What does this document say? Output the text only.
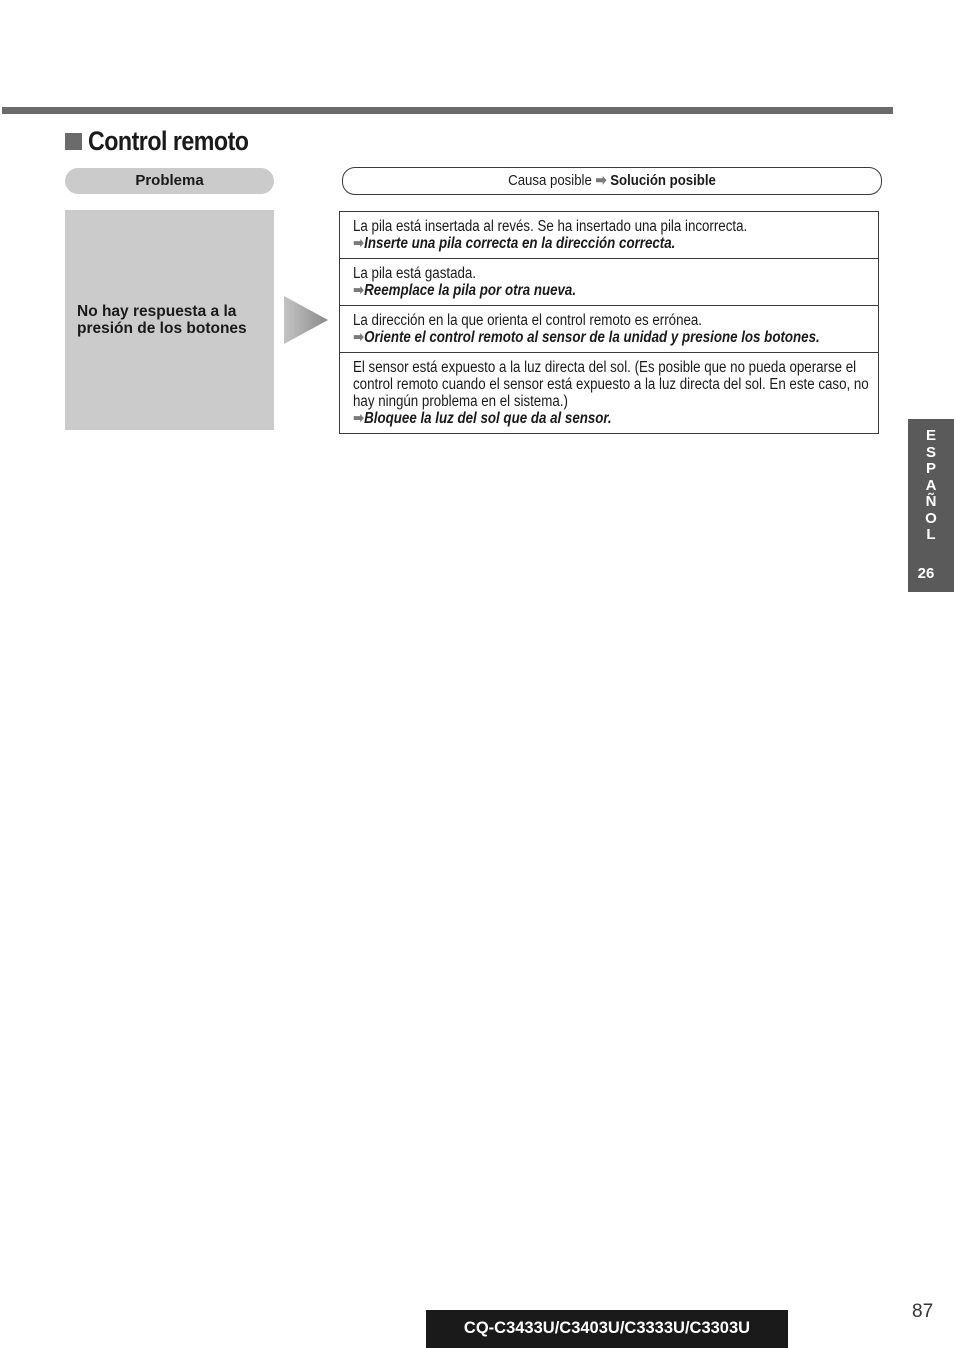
Control remoto
Problema	Causa posible ➡ Solución posible
No hay respuesta a la presión de los botones
La pila está insertada al revés. Se ha insertado una pila incorrecta.
➡Inserte una pila correcta en la dirección correcta.
La pila está gastada.
➡Reemplace la pila por otra nueva.
La dirección en la que orienta el control remoto es errónea.
➡Oriente el control remoto al sensor de la unidad y presione los botones.
El sensor está expuesto a la luz directa del sol. (Es posible que no pueda operarse el control remoto cuando el sensor está expuesto a la luz directa del sol. En este caso, no hay ningún problema en el sistema.)
➡Bloquee la luz del sol que da al sensor.
E
S
P
A
Ñ
O
L
26
87
CQ-C3433U/C3403U/C3333U/C3303U
